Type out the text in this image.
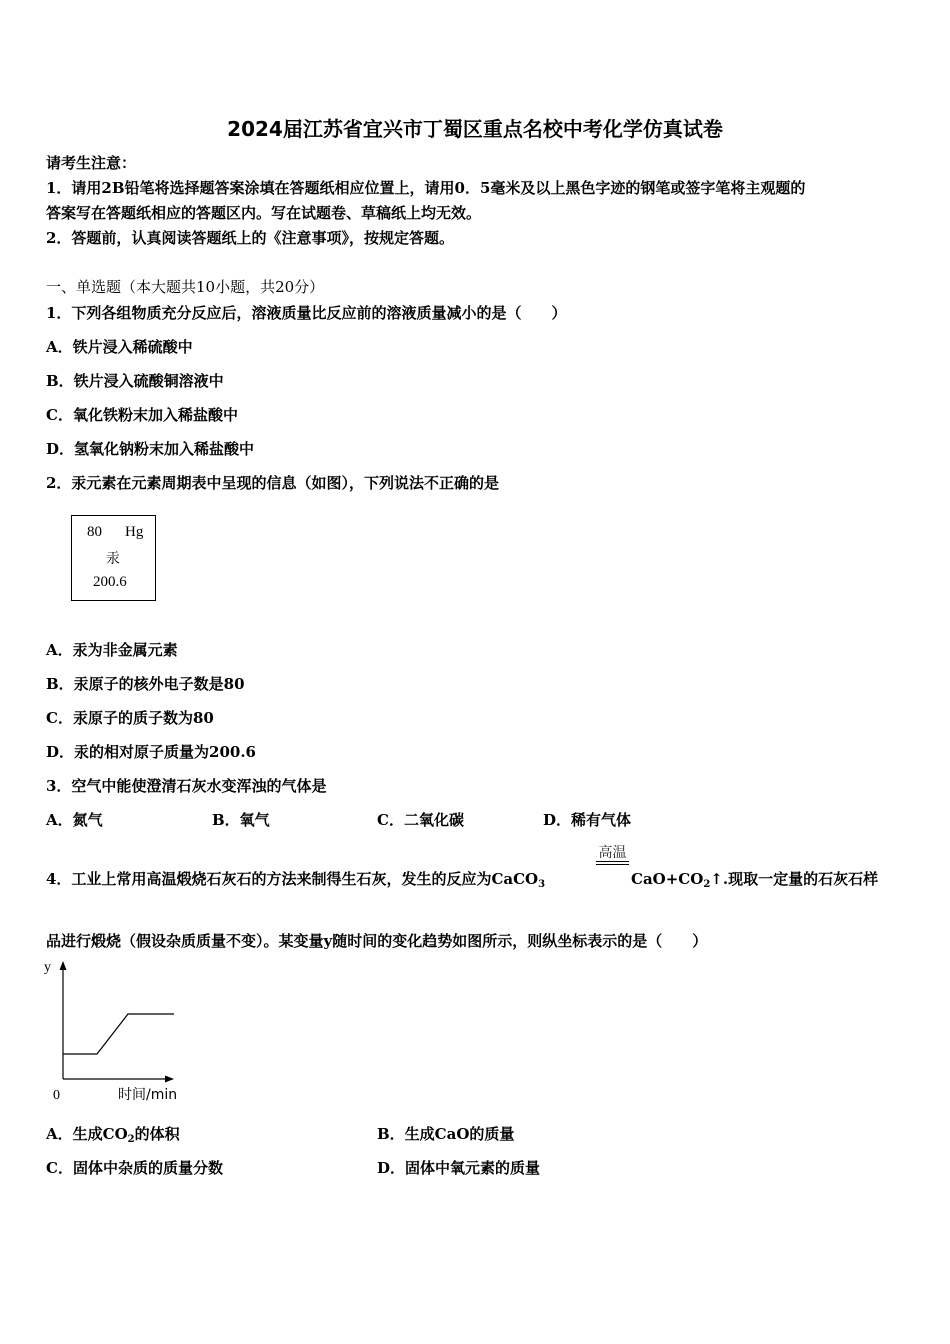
2024届江苏省宜兴市丁蜀区重点名校中考化学仿真试卷
请考生注意：
1．请用2B铅笔将选择题答案涂填在答题纸相应位置上，请用0．5毫米及以上黑色字迹的钢笔或签字笔将主观题的
答案写在答题纸相应的答题区内。写在试题卷、草稿纸上均无效。
2．答题前，认真阅读答题纸上的《注意事项》，按规定答题。
一、单选题（本大题共10小题，共20分）
1．下列各组物质充分反应后，溶液质量比反应前的溶液质量减小的是（　　）
A．铁片浸入稀硫酸中
B．铁片浸入硫酸铜溶液中
C．氧化铁粉末加入稀盐酸中
D．氢氧化钠粉末加入稀盐酸中
2．汞元素在元素周期表中呈现的信息（如图），下列说法不正确的是
80 Hg
汞
200.6
A．汞为非金属元素
B．汞原子的核外电子数是80
C．汞原子的质子数为80
D．汞的相对原子质量为200.6
3．空气中能使澄清石灰水变浑浊的气体是
A．氮气	B．氧气	C．二氧化碳	D．稀有气体
4．工业上常用高温煅烧石灰石的方法来制得生石灰，发生的反应为CaCO$_3$
高温
$CaO+CO_2↑$.现取一定量的石灰石样
品进行煅烧（假设杂质质量不变）。某变量y随时间的变化趋势如图所示，则纵坐标表示的是（　　）
y
0	时间/min
A．生成$CO_2$的体积	B．生成CaO的质量
C．固体中杂质的质量分数	D．固体中氧元素的质量
